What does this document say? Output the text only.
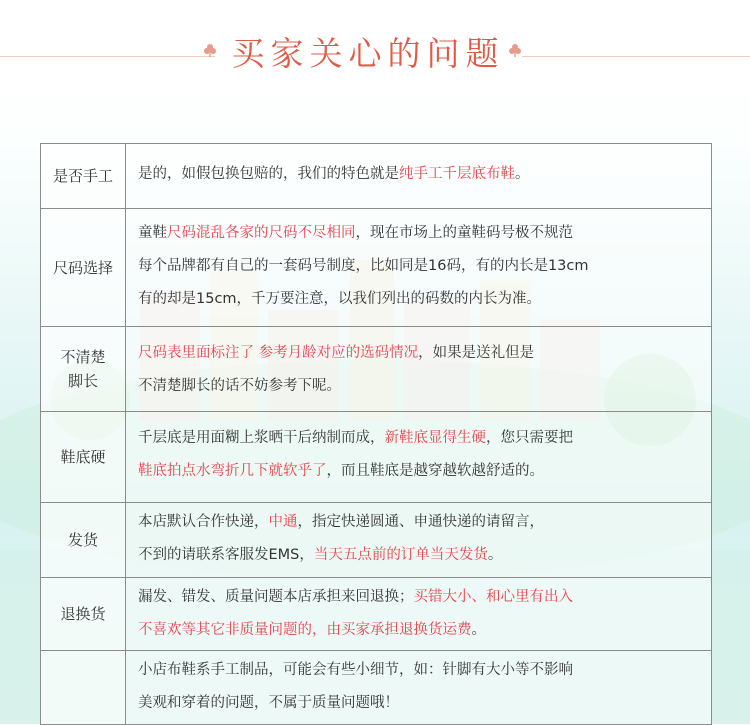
买家关心的问题
是否手工	是的，如假包换包赔的，我们的特色就是纯手工千层底布鞋。
尺码选择
童鞋尺码混乱各家的尺码不尽相同，现在市场上的童鞋码号极不规范
每个品牌都有自己的一套码号制度，比如同是16码，有的内长是13cm
有的却是15cm，千万要注意，以我们列出的码数的内长为准。
不清楚脚长
尺码表里面标注了 参考月龄对应的选码情况，如果是送礼但是
不清楚脚长的话不妨参考下呢。
鞋底硬
千层底是用面糊上浆晒干后纳制而成，新鞋底显得生硬，您只需要把
鞋底拍点水弯折几下就软乎了，而且鞋底是越穿越软越舒适的。
发货
本店默认合作快递，中通，指定快递圆通、申通快递的请留言，
不到的请联系客服发EMS，当天五点前的订单当天发货。
退换货
漏发、错发、质量问题本店承担来回退换；买错大小、和心里有出入
不喜欢等其它非质量问题的，由买家承担退换货运费。
小店布鞋系手工制品，可能会有些小细节，如：针脚有大小等不影响
美观和穿着的问题，不属于质量问题哦！
